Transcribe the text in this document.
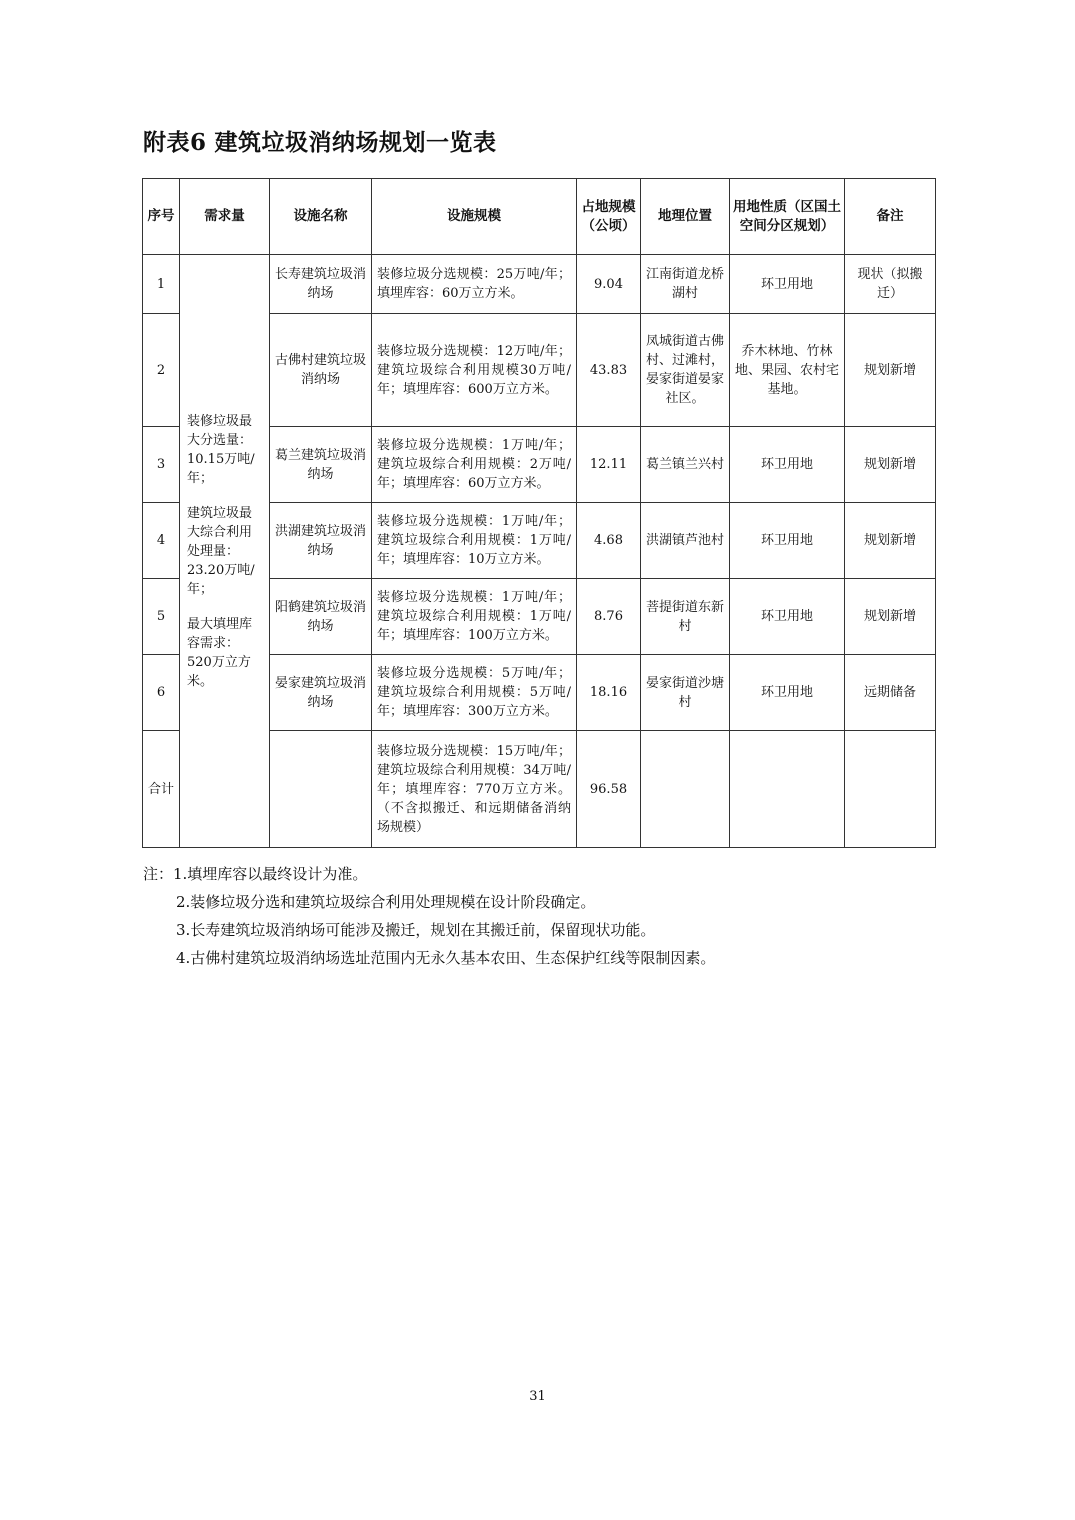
附表6 建筑垃圾消纳场规划一览表
序号	需求量	设施名称	设施规模	占地规模（公顷）	地理位置	用地性质（区国土空间分区规划）	备注
1	装修垃圾最大分选量：10.15万吨/年；

建筑垃圾最大综合利用处理量：23.20万吨/年；

最大填埋库容需求：520万立方米。	长寿建筑垃圾消纳场	装修垃圾分选规模：25万吨/年；填埋库容：60万立方米。	9.04	江南街道龙桥湖村	环卫用地	现状（拟搬迁）
2		古佛村建筑垃圾消纳场	装修垃圾分选规模：12万吨/年；建筑垃圾综合利用规模30万吨/年；填埋库容：600万立方米。	43.83	凤城街道古佛村、过滩村，晏家街道晏家社区。	乔木林地、竹林地、果园、农村宅基地。	规划新增
3		葛兰建筑垃圾消纳场	装修垃圾分选规模：1万吨/年；建筑垃圾综合利用规模：2万吨/年；填埋库容：60万立方米。	12.11	葛兰镇兰兴村	环卫用地	规划新增
4		洪湖建筑垃圾消纳场	装修垃圾分选规模：1万吨/年；建筑垃圾综合利用规模：1万吨/年；填埋库容：10万立方米。	4.68	洪湖镇芦池村	环卫用地	规划新增
5		阳鹤建筑垃圾消纳场	装修垃圾分选规模：1万吨/年；建筑垃圾综合利用规模：1万吨/年；填埋库容：100万立方米。	8.76	菩提街道东新村	环卫用地	规划新增
6		晏家建筑垃圾消纳场	装修垃圾分选规模：5万吨/年；建筑垃圾综合利用规模：5万吨/年；填埋库容：300万立方米。	18.16	晏家街道沙塘村	环卫用地	远期储备
合计			装修垃圾分选规模：15万吨/年；建筑垃圾综合利用规模：34万吨/年；填埋库容：770万立方米。（不含拟搬迁、和远期储备消纳场规模）	96.58			
注：1.填埋库容以最终设计为准。
2.装修垃圾分选和建筑垃圾综合利用处理规模在设计阶段确定。
3.长寿建筑垃圾消纳场可能涉及搬迁，规划在其搬迁前，保留现状功能。
4.古佛村建筑垃圾消纳场选址范围内无永久基本农田、生态保护红线等限制因素。
31
